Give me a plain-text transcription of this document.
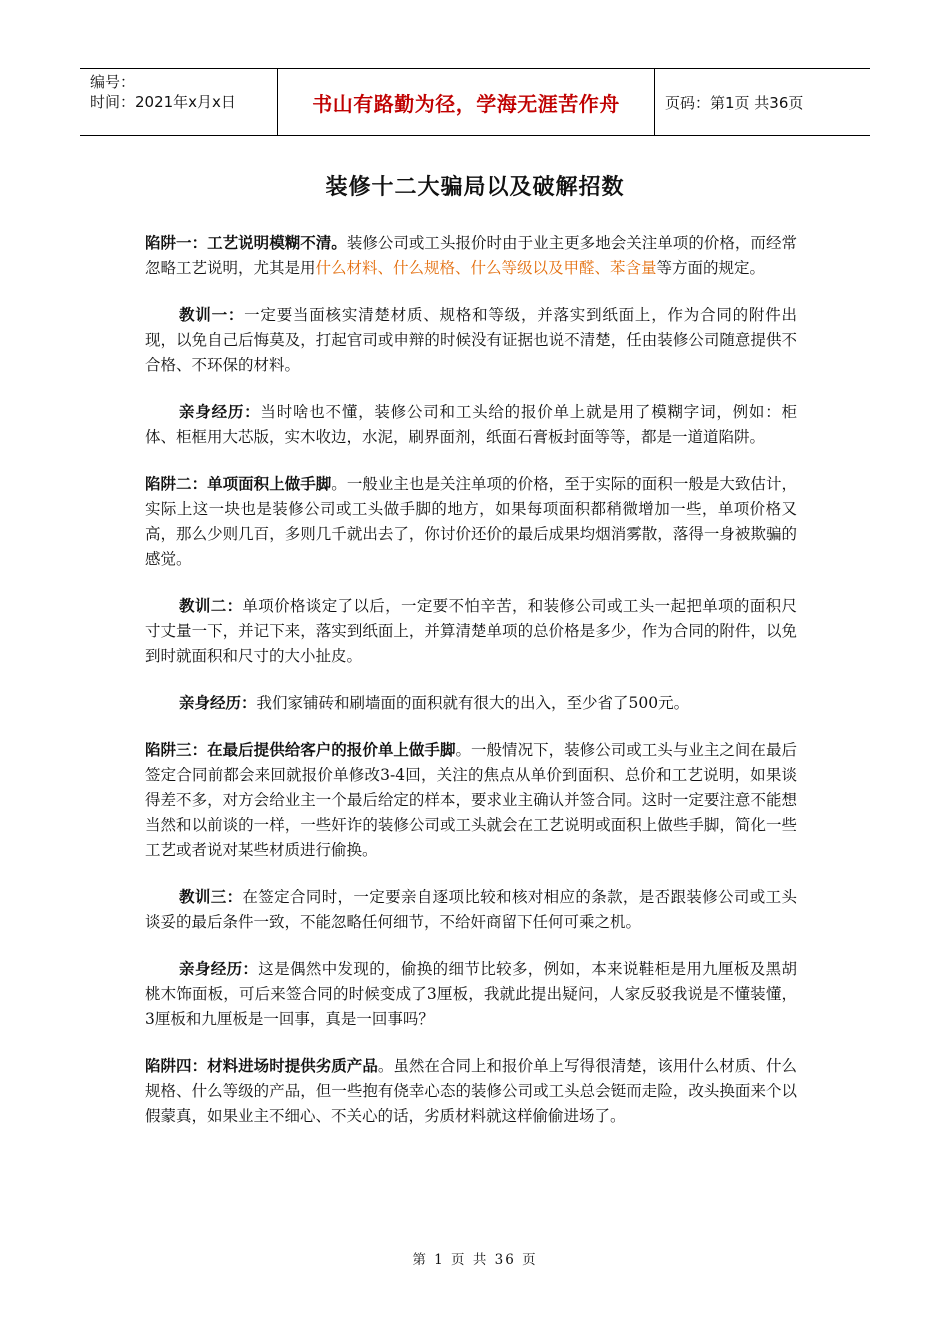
编号：
时间：2021年x月x日	书山有路勤为径，学海无涯苦作舟	页码：第1页 共36页
装修十二大骗局以及破解招数

陷阱一：工艺说明模糊不清。装修公司或工头报价时由于业主更多地会关注单项的价格，而经常忽略工艺说明，尤其是用什么材料、什么规格、什么等级以及甲醛、苯含量等方面的规定。

教训一：一定要当面核实清楚材质、规格和等级，并落实到纸面上，作为合同的附件出现，以免自己后悔莫及，打起官司或申辩的时候没有证据也说不清楚，任由装修公司随意提供不合格、不环保的材料。

亲身经历：当时啥也不懂，装修公司和工头给的报价单上就是用了模糊字词，例如：柜体、柜框用大芯版，实木收边，水泥，刷界面剂，纸面石膏板封面等等，都是一道道陷阱。

陷阱二：单项面积上做手脚。一般业主也是关注单项的价格，至于实际的面积一般是大致估计，实际上这一块也是装修公司或工头做手脚的地方，如果每项面积都稍微增加一些，单项价格又高，那么少则几百，多则几千就出去了，你讨价还价的最后成果均烟消雾散，落得一身被欺骗的感觉。

教训二：单项价格谈定了以后，一定要不怕辛苦，和装修公司或工头一起把单项的面积尺寸丈量一下，并记下来，落实到纸面上，并算清楚单项的总价格是多少，作为合同的附件，以免到时就面积和尺寸的大小扯皮。

亲身经历：我们家铺砖和刷墙面的面积就有很大的出入，至少省了500元。

陷阱三：在最后提供给客户的报价单上做手脚。一般情况下，装修公司或工头与业主之间在最后签定合同前都会来回就报价单修改3-4回，关注的焦点从单价到面积、总价和工艺说明，如果谈得差不多，对方会给业主一个最后给定的样本，要求业主确认并签合同。这时一定要注意不能想当然和以前谈的一样，一些奸诈的装修公司或工头就会在工艺说明或面积上做些手脚，简化一些工艺或者说对某些材质进行偷换。

教训三：在签定合同时，一定要亲自逐项比较和核对相应的条款，是否跟装修公司或工头谈妥的最后条件一致，不能忽略任何细节，不给奸商留下任何可乘之机。

亲身经历：这是偶然中发现的，偷换的细节比较多，例如，本来说鞋柜是用九厘板及黑胡桃木饰面板，可后来签合同的时候变成了3厘板，我就此提出疑问，人家反驳我说是不懂装懂，3厘板和九厘板是一回事，真是一回事吗？

陷阱四：材料进场时提供劣质产品。虽然在合同上和报价单上写得很清楚，该用什么材质、什么规格、什么等级的产品，但一些抱有侥幸心态的装修公司或工头总会铤而走险，改头换面来个以假蒙真，如果业主不细心、不关心的话，劣质材料就这样偷偷进场了。

第 1 页 共 36 页
